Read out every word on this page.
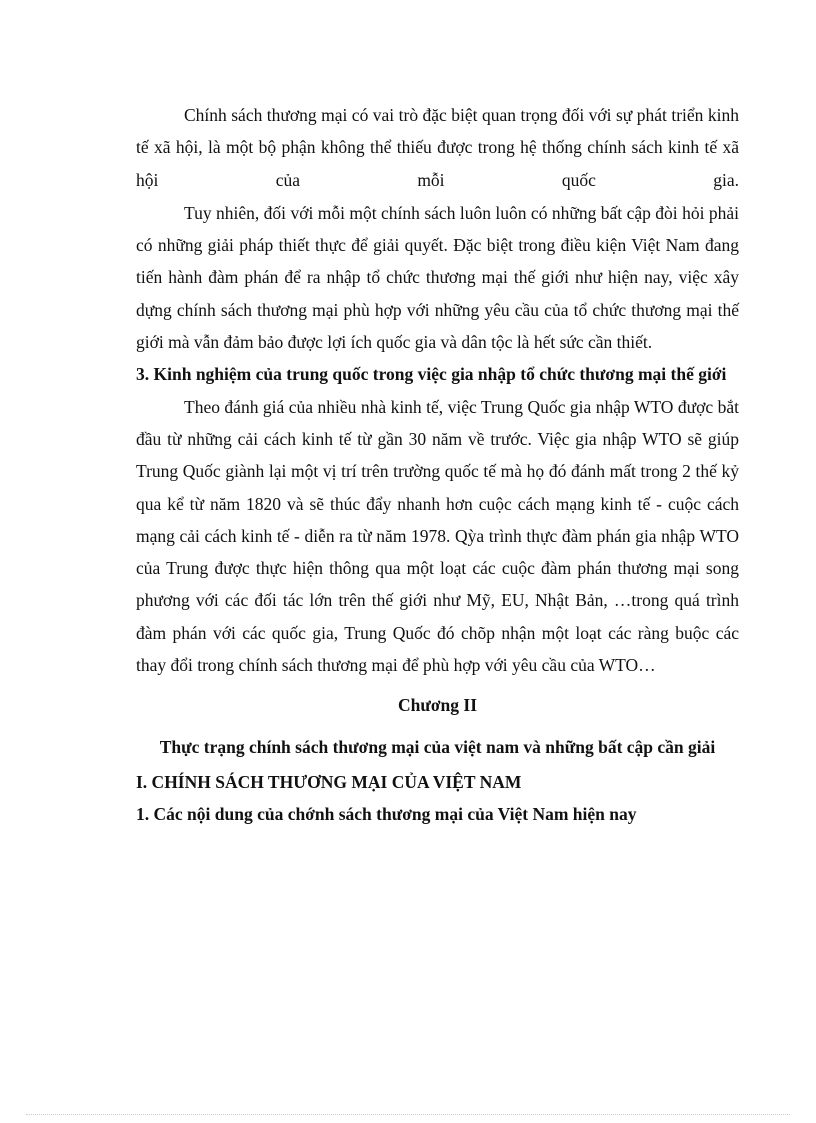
Chính sách thương mại có vai trò đặc biệt quan trọng đối với sự phát triển kinh tế xã hội, là một bộ phận không thể thiếu được trong hệ thống chính sách kinh tế xã hội của mỗi quốc gia.

Tuy nhiên, đối với mỗi một chính sách luôn luôn có những bất cập đòi hỏi phải có những giải pháp thiết thực để giải quyết. Đặc biệt trong điều kiện Việt Nam đang tiến hành đàm phán để ra nhập tổ chức thương mại thế giới như hiện nay, việc xây dựng chính sách thương mại phù hợp với những yêu cầu của tổ chức thương mại thế giới mà vẫn đảm bảo được lợi ích quốc gia và dân tộc là hết sức cần thiết.

3. Kinh nghiệm của trung quốc trong việc gia nhập tổ chức thương mại thế giới

Theo đánh giá của nhiều nhà kinh tế, việc Trung Quốc gia nhập WTO được bắt đầu từ những cải cách kinh tế từ gần 30 năm về trước. Việc gia nhập WTO sẽ giúp Trung Quốc giành lại một vị trí trên trường quốc tế mà họ đó đánh mất trong 2 thế kỷ qua kể từ năm 1820 và sẽ thúc đẩy nhanh hơn cuộc cách mạng kinh tế - cuộc cách mạng cải cách kinh tế - diễn ra từ năm 1978. Qỳa trình thực đàm phán gia nhập WTO của Trung được thực hiện thông qua một loạt các cuộc đàm phán thương mại song phương với các đối tác lớn trên thế giới như Mỹ, EU, Nhật Bản, …trong quá trình đàm phán với các quốc gia, Trung Quốc đó chõp nhận một loạt các ràng buộc các thay đổi trong chính sách thương mại để phù hợp với yêu cầu của WTO…

Chương II
Thực trạng chính sách thương mại của việt nam và những bất cập cần giải
I. CHÍNH SÁCH THƯƠNG MẠI CỦA VIỆT NAM
1. Các nội dung của chớnh sách thương mại của Việt Nam hiện nay
